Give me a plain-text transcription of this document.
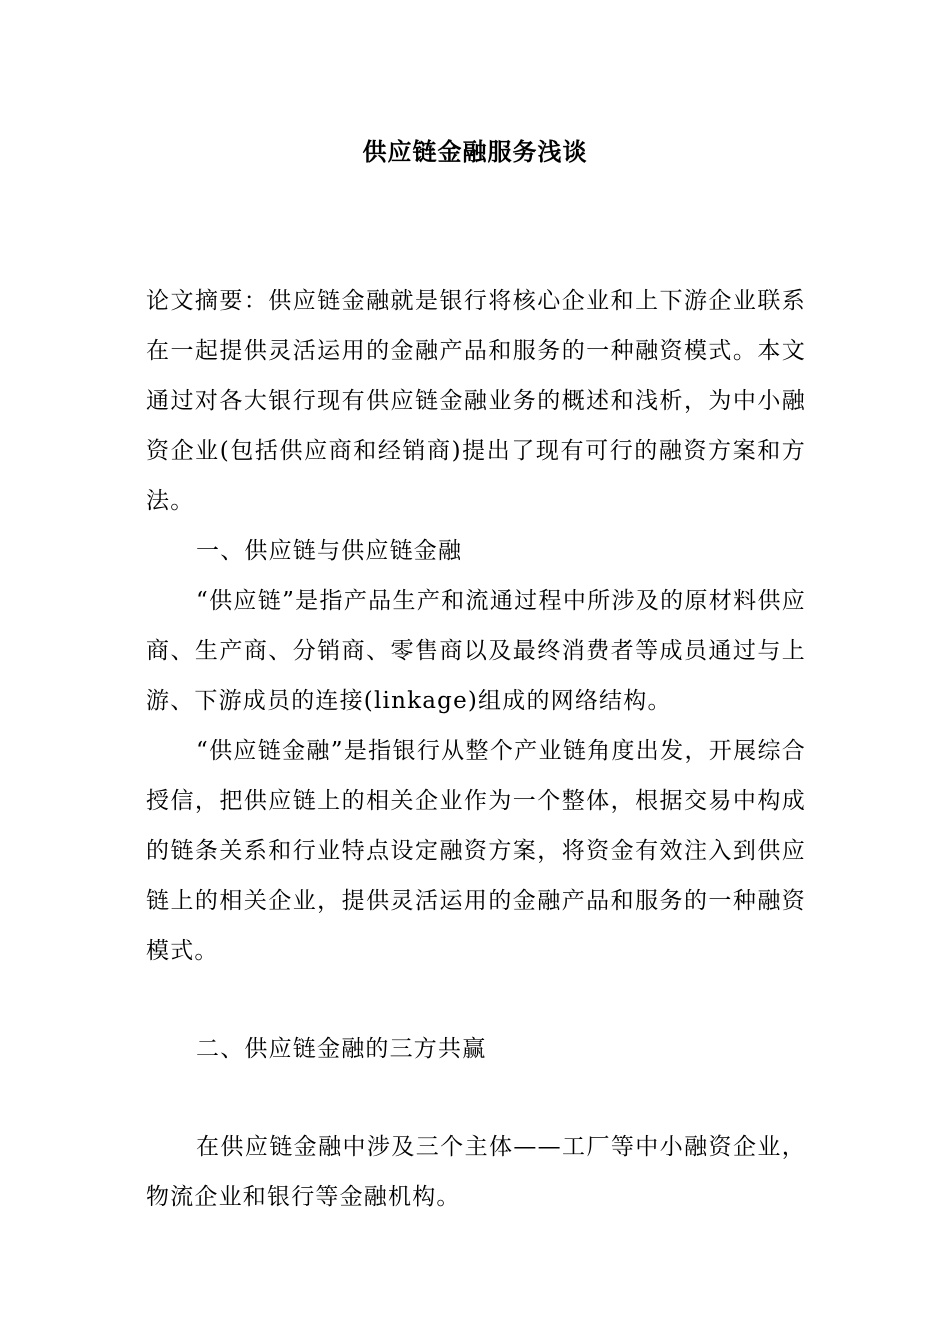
供应链金融服务浅谈

论文摘要：供应链金融就是银行将核心企业和上下游企业联系在一起提供灵活运用的金融产品和服务的一种融资模式。本文通过对各大银行现有供应链金融业务的概述和浅析，为中小融资企业(包括供应商和经销商)提出了现有可行的融资方案和方法。

一、供应链与供应链金融

“供应链”是指产品生产和流通过程中所涉及的原材料供应商、生产商、分销商、零售商以及最终消费者等成员通过与上游、下游成员的连接(linkage)组成的网络结构。

“供应链金融”是指银行从整个产业链角度出发，开展综合授信，把供应链上的相关企业作为一个整体，根据交易中构成的链条关系和行业特点设定融资方案，将资金有效注入到供应链上的相关企业，提供灵活运用的金融产品和服务的一种融资模式。

二、供应链金融的三方共赢

在供应链金融中涉及三个主体——工厂等中小融资企业，物流企业和银行等金融机构。
